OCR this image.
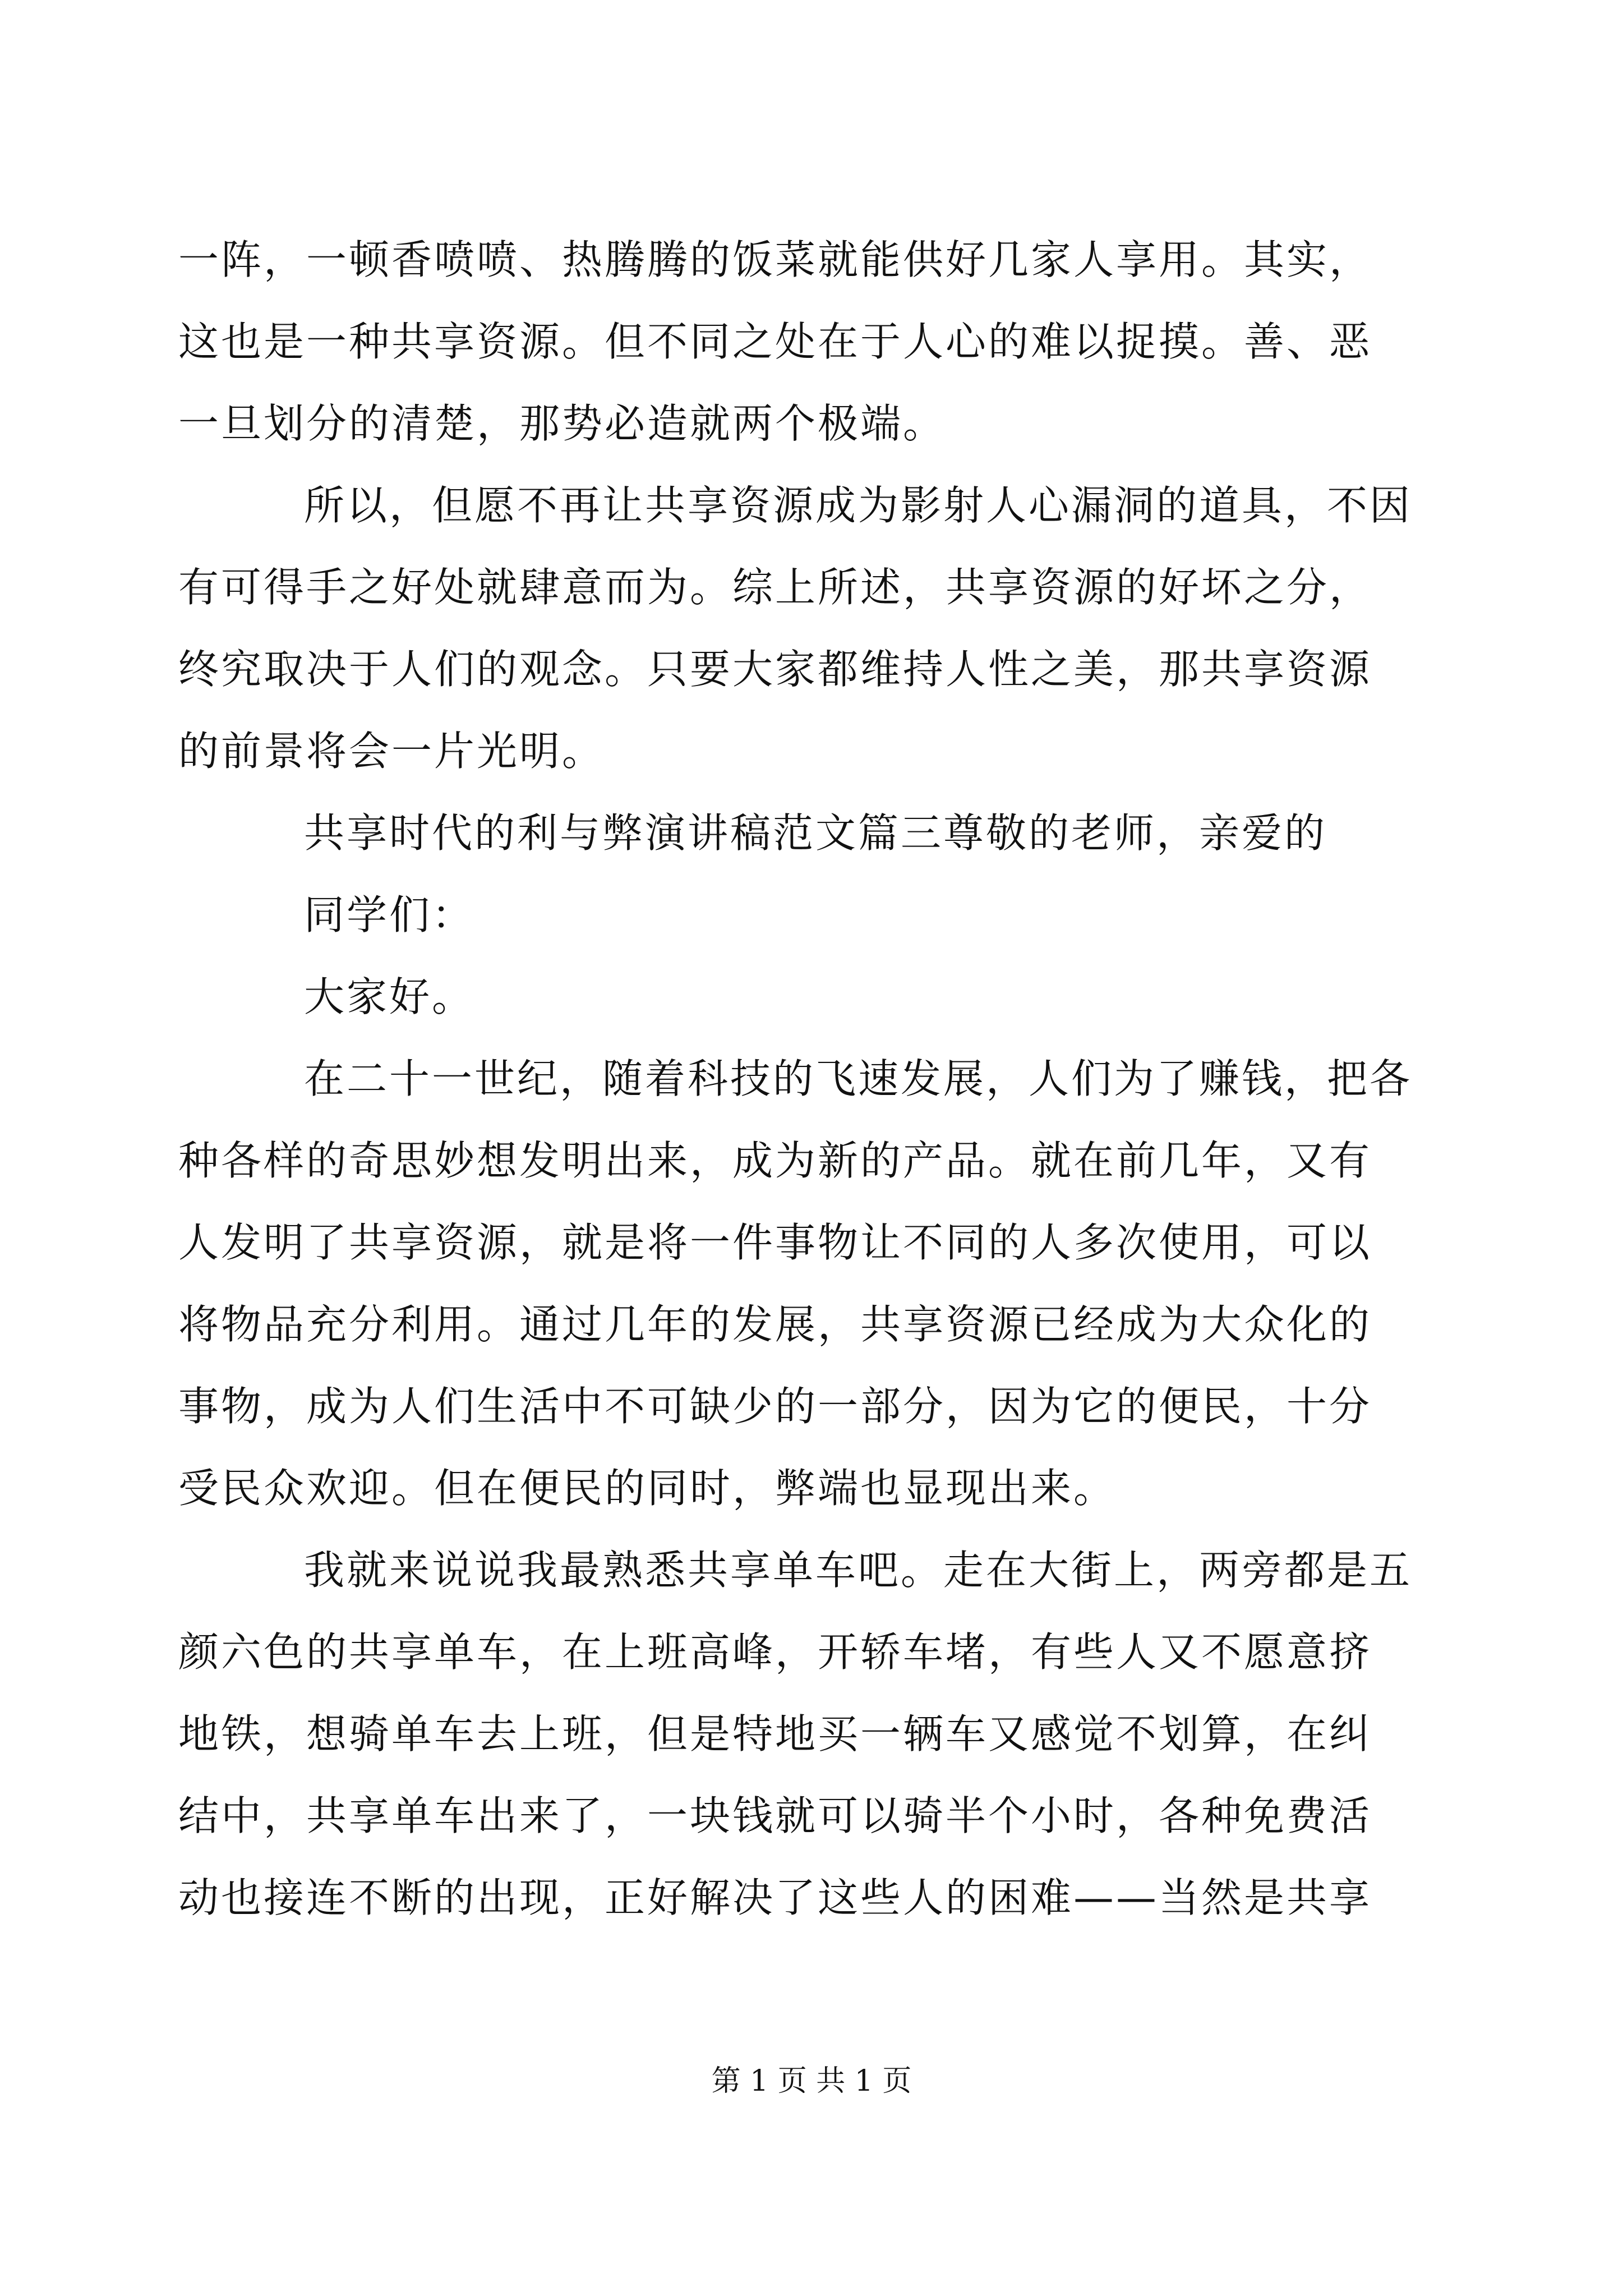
一阵，一顿香喷喷、热腾腾的饭菜就能供好几家人享用。其实，
这也是一种共享资源。但不同之处在于人心的难以捉摸。善、恶
一旦划分的清楚，那势必造就两个极端。
所以，但愿不再让共享资源成为影射人心漏洞的道具，不因
有可得手之好处就肆意而为。综上所述，共享资源的好坏之分，
终究取决于人们的观念。只要大家都维持人性之美，那共享资源
的前景将会一片光明。
共享时代的利与弊演讲稿范文篇三尊敬的老师，亲爱的
同学们：
大家好。
在二十一世纪，随着科技的飞速发展，人们为了赚钱，把各
种各样的奇思妙想发明出来，成为新的产品。就在前几年，又有
人发明了共享资源，就是将一件事物让不同的人多次使用，可以
将物品充分利用。通过几年的发展，共享资源已经成为大众化的
事物，成为人们生活中不可缺少的一部分，因为它的便民，十分
受民众欢迎。但在便民的同时，弊端也显现出来。
我就来说说我最熟悉共享单车吧。走在大街上，两旁都是五
颜六色的共享单车，在上班高峰，开轿车堵，有些人又不愿意挤
地铁，想骑单车去上班，但是特地买一辆车又感觉不划算，在纠
结中，共享单车出来了，一块钱就可以骑半个小时，各种免费活
动也接连不断的出现，正好解决了这些人的困难——当然是共享
第 1 页 共 1 页
